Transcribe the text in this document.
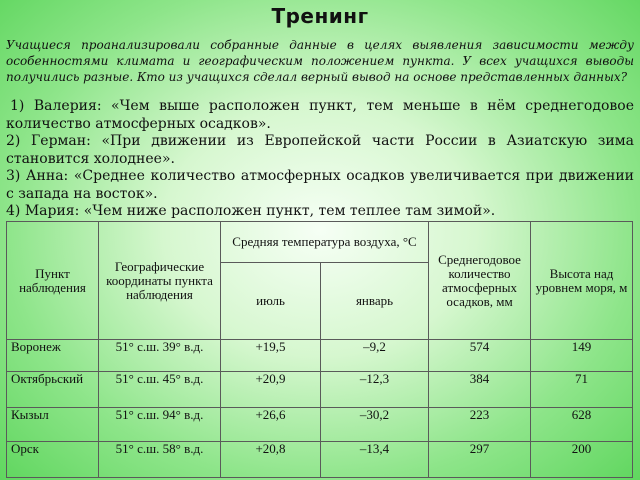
Тренинг
Учащиеся проанализировали собранные данные в целях выявления зависимости между особенностями климата и географическим положением пункта. У всех учащихся выводы получились разные. Кто из учащихся сделал верный вывод на основе представленных данных?
1) Валерия: «Чем выше расположен пункт, тем меньше в нём среднегодовое количество атмосферных осадков».
2) Герман: «При движении из Европейской части России в Азиатскую зима становится холоднее».
3) Анна: «Среднее количество атмосферных осадков увеличивается при движении с запада на восток».
4) Мария: «Чем ниже расположен пункт, тем теплее там зимой».
Пункт наблюдения	Географические координаты пункта наблюдения	Средняя температура воздуха, °С		Среднегодовое количество атмосферных осадков, мм	Высота над уровнем моря, м
		июль	январь		
Воронеж	51° с.ш. 39° в.д.	+19,5	–9,2	574	149
Октябрьский	51° с.ш. 45° в.д.	+20,9	–12,3	384	71
Кызыл	51° с.ш. 94° в.д.	+26,6	–30,2	223	628
Орск	51° с.ш. 58° в.д.	+20,8	–13,4	297	200
